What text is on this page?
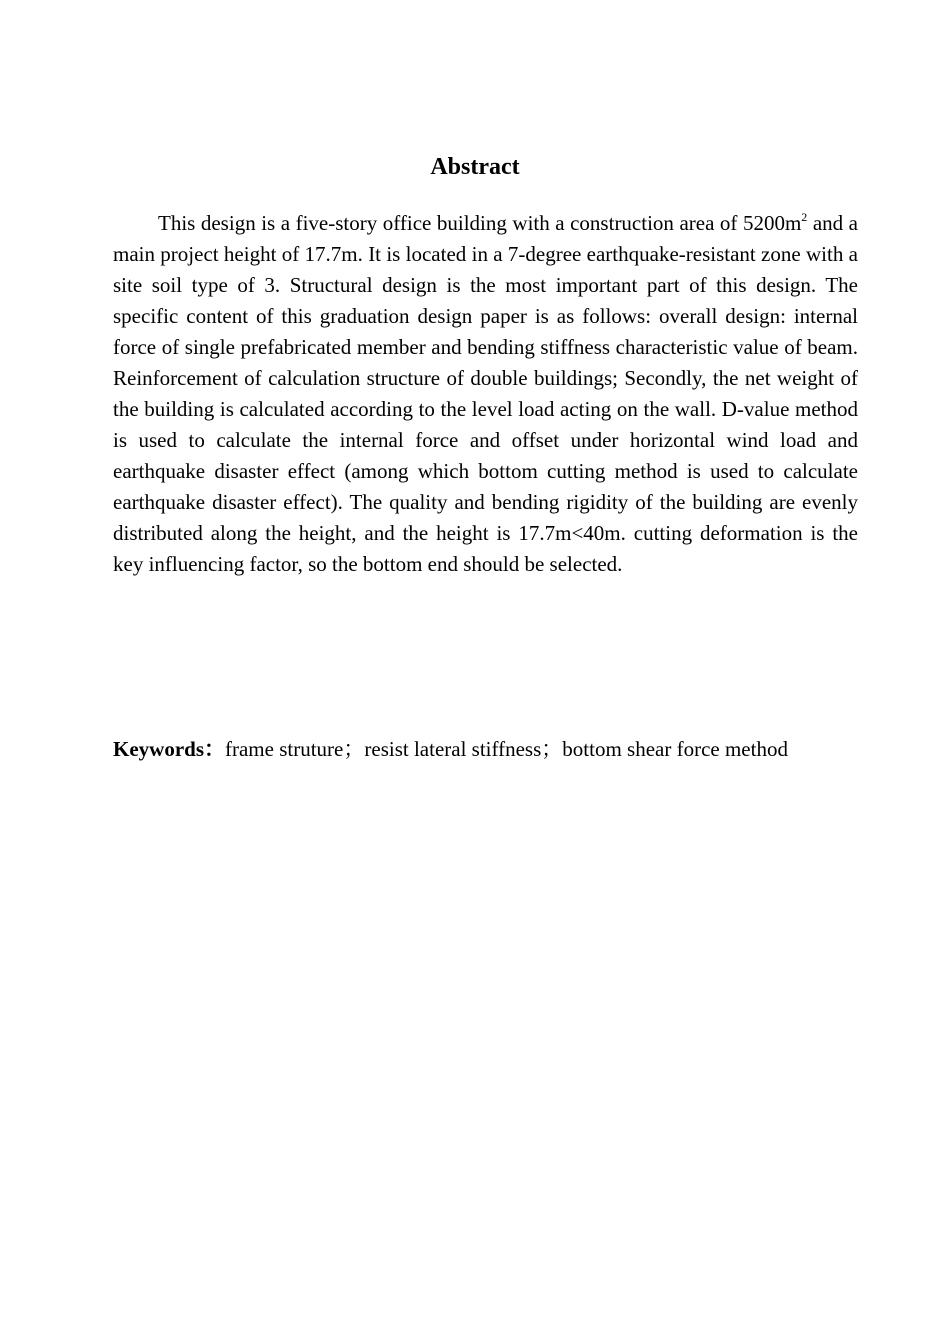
Abstract

This design is a five-story office building with a construction area of $5200m^2$ and a main project height of 17.7m. It is located in a 7-degree earthquake-resistant zone with a site soil type of 3. Structural design is the most important part of this design. The specific content of this graduation design paper is as follows: overall design: internal force of single prefabricated member and bending stiffness characteristic value of beam. Reinforcement of calculation structure of double buildings; Secondly, the net weight of the building is calculated according to the level load acting on the wall. D-value method is used to calculate the internal force and offset under horizontal wind load and earthquake disaster effect (among which bottom cutting method is used to calculate earthquake disaster effect). The quality and bending rigidity of the building are evenly distributed along the height, and the height is 17.7m<40m. cutting deformation is the key influencing factor, so the bottom end should be selected.

Keywords：frame struture；resist lateral stiffness；bottom shear force method
